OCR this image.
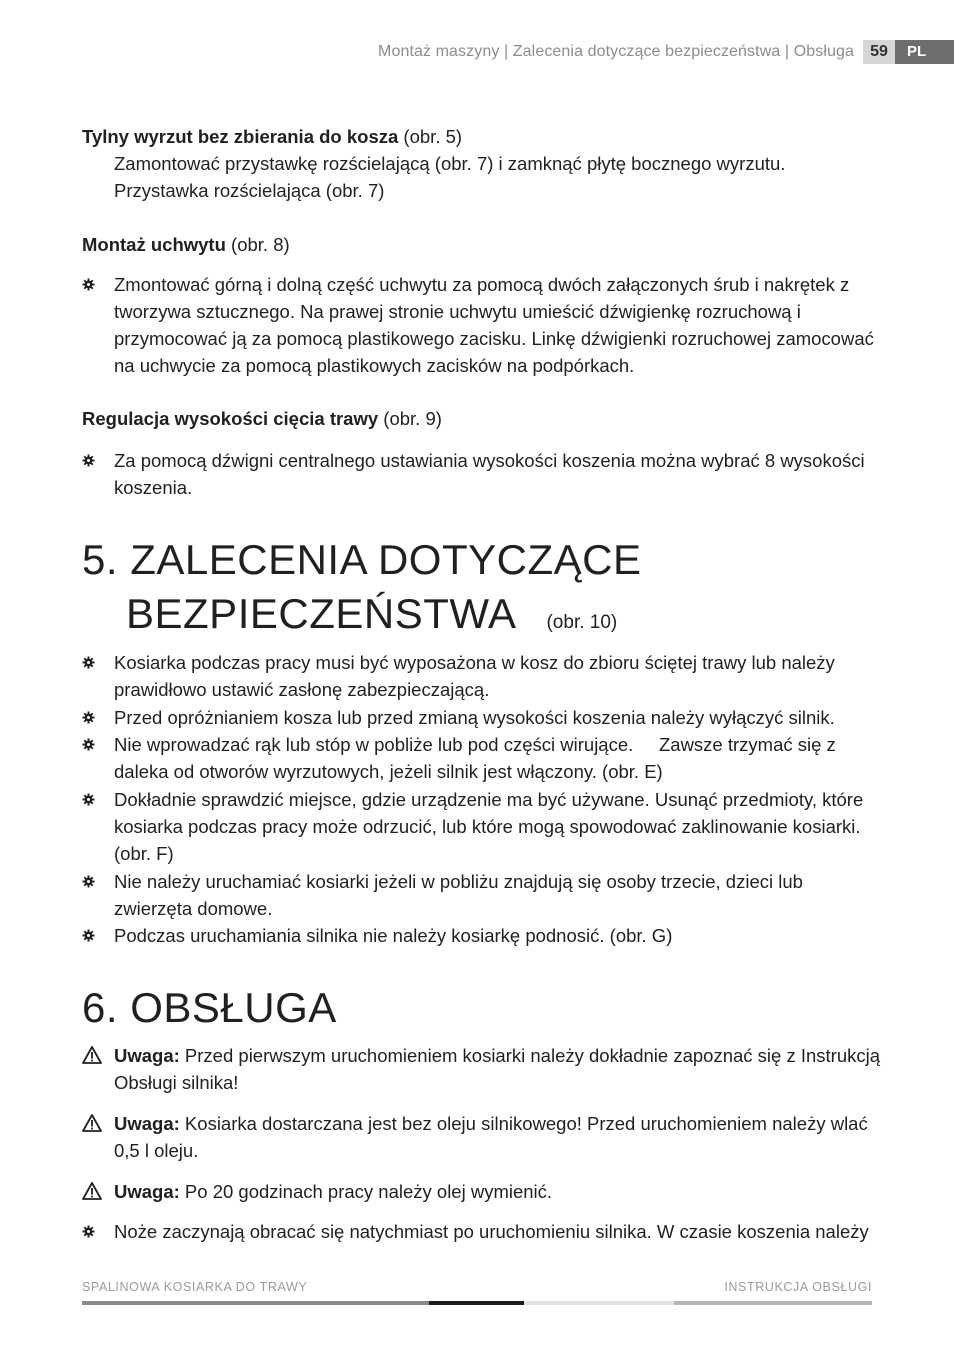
Montaż maszyny | Zalecenia dotyczące bezpieczeństwa | Obsługa	59	PL
Tylny wyrzut bez zbierania do kosza (obr. 5)
Zamontować przystawkę rozścielającą (obr. 7) i zamknąć płytę bocznego wyrzutu.
Przystawka rozścielająca (obr. 7)
Montaż uchwytu (obr. 8)
Zmontować górną i dolną część uchwytu za pomocą dwóch załączonych śrub i nakrętek z tworzywa sztucznego. Na prawej stronie uchwytu umieścić dźwigienkę rozruchową i przymocować ją za pomocą plastikowego zacisku. Linkę dźwigienki rozruchowej zamocować na uchwycie za pomocą plastikowych zacisków na podpórkach.
Regulacja wysokości cięcia trawy (obr. 9)
Za pomocą dźwigni centralnego ustawiania wysokości koszenia można wybrać 8 wysokości koszenia.
5. ZALECENIA DOTYCZĄCE
BEZPIECZEŃSTWA (obr. 10)
Kosiarka podczas pracy musi być wyposażona w kosz do zbioru ściętej trawy lub należy prawidłowo ustawić zasłonę zabezpieczającą.
Przed opróżnianiem kosza lub przed zmianą wysokości koszenia należy wyłączyć silnik.
Nie wprowadzać rąk lub stóp w pobliże lub pod części wirujące.     Zawsze trzymać się z daleka od otworów wyrzutowych, jeżeli silnik jest włączony. (obr. E)
Dokładnie sprawdzić miejsce, gdzie urządzenie ma być używane. Usunąć przedmioty, które kosiarka podczas pracy może odrzucić, lub które mogą spowodować zaklinowanie kosiarki. (obr. F)
Nie należy uruchamiać kosiarki jeżeli w pobliżu znajdują się osoby trzecie, dzieci lub zwierzęta domowe.
Podczas uruchamiania silnika nie należy kosiarkę podnosić. (obr. G)
6. OBSŁUGA
Uwaga: Przed pierwszym uruchomieniem kosiarki należy dokładnie zapoznać się z Instrukcją Obsługi silnika!
Uwaga: Kosiarka dostarczana jest bez oleju silnikowego! Przed uruchomieniem należy wlać 0,5 l oleju.
Uwaga: Po 20 godzinach pracy należy olej wymienić.
Noże zaczynają obracać się natychmiast po uruchomieniu silnika. W czasie koszenia należy
SPALINOWA KOSIARKA DO TRAWY	INSTRUKCJA OBSŁUGI
